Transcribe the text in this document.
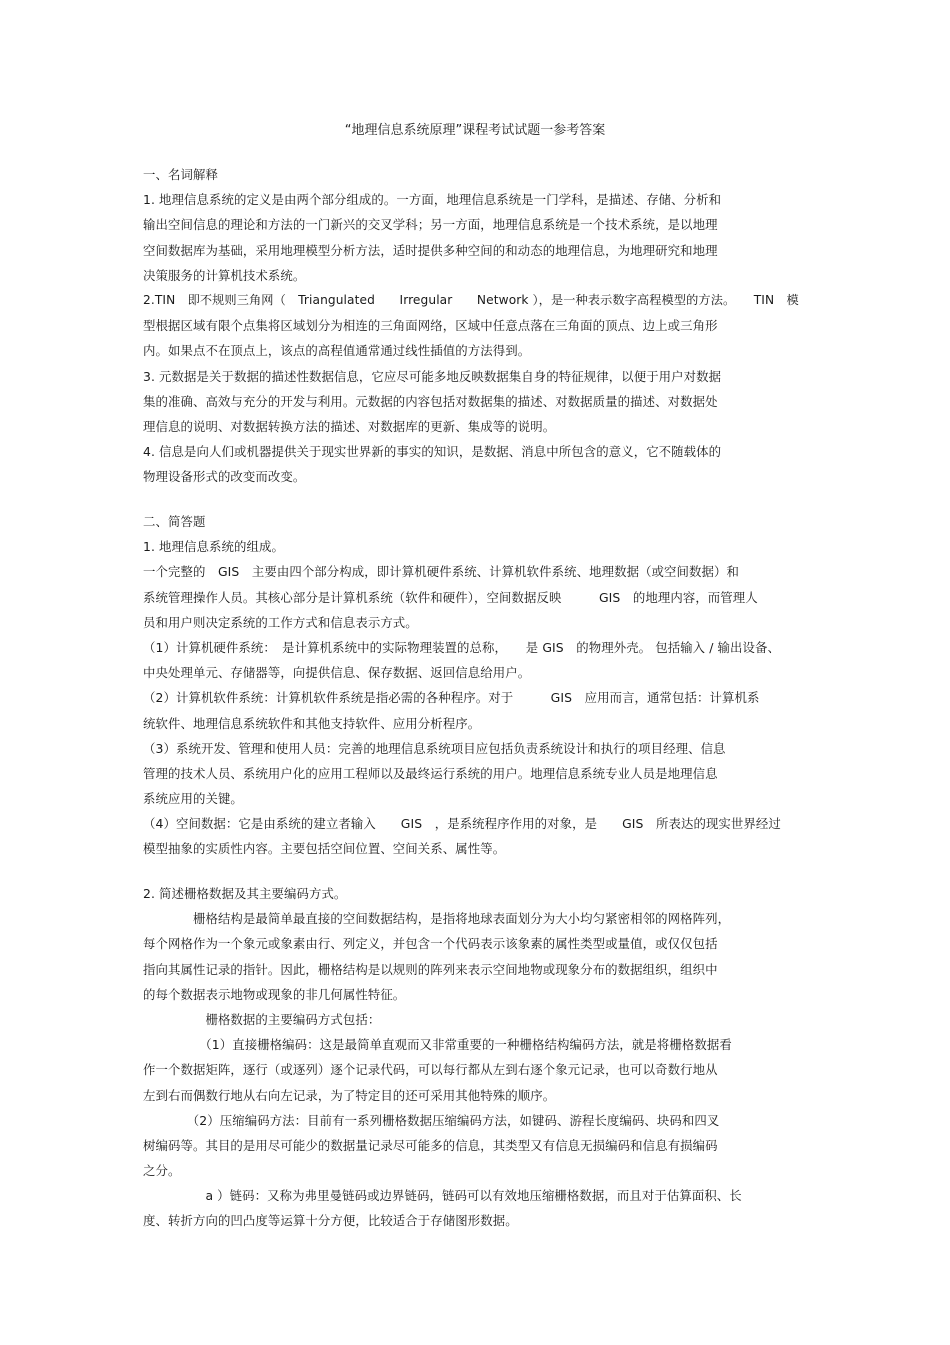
“地理信息系统原理”课程考试试题一参考答案

一、名词解释

1. 地理信息系统的定义是由两个部分组成的。一方面，地理信息系统是一门学科，是描述、存储、分析和

输出空间信息的理论和方法的一门新兴的交叉学科；另一方面，地理信息系统是一个技术系统，是以地理

空间数据库为基础，采用地理模型分析方法，适时提供多种空间的和动态的地理信息，为地理研究和地理

决策服务的计算机技术系统。

2.TIN　即不规则三角网（　Triangulated　　Irregular　　Network ），是一种表示数字高程模型的方法。　　TIN　模

型根据区域有限个点集将区域划分为相连的三角面网络，区域中任意点落在三角面的顶点、边上或三角形

内。如果点不在顶点上，该点的高程值通常通过线性插值的方法得到。

3. 元数据是关于数据的描述性数据信息，它应尽可能多地反映数据集自身的特征规律，以便于用户对数据

集的准确、高效与充分的开发与利用。元数据的内容包括对数据集的描述、对数据质量的描述、对数据处

理信息的说明、对数据转换方法的描述、对数据库的更新、集成等的说明。

4. 信息是向人们或机器提供关于现实世界新的事实的知识，是数据、消息中所包含的意义，它不随载体的

物理设备形式的改变而改变。

二、简答题

1. 地理信息系统的组成。

一个完整的　GIS　主要由四个部分构成，即计算机硬件系统、计算机软件系统、地理数据（或空间数据）和

系统管理操作人员。其核心部分是计算机系统（软件和硬件），空间数据反映　　　GIS　的地理内容，而管理人

员和用户则决定系统的工作方式和信息表示方式。

（1）计算机硬件系统：　是计算机系统中的实际物理装置的总称，　　是 GIS　的物理外壳。 包括输入 / 输出设备、

中央处理单元、存储器等，向提供信息、保存数据、返回信息给用户。

（2）计算机软件系统：计算机软件系统是指必需的各种程序。对于　　　GIS　应用而言，通常包括：计算机系

统软件、地理信息系统软件和其他支持软件、应用分析程序。

（3）系统开发、管理和使用人员：完善的地理信息系统项目应包括负责系统设计和执行的项目经理、信息

管理的技术人员、系统用户化的应用工程师以及最终运行系统的用户。地理信息系统专业人员是地理信息

系统应用的关键。

（4）空间数据：它是由系统的建立者输入　　GIS　，是系统程序作用的对象，是　　GIS　所表达的现实世界经过

模型抽象的实质性内容。主要包括空间位置、空间关系、属性等。

2. 简述栅格数据及其主要编码方式。

　　　　栅格结构是最简单最直接的空间数据结构，是指将地球表面划分为大小均匀紧密相邻的网格阵列，

每个网格作为一个象元或象素由行、列定义，并包含一个代码表示该象素的属性类型或量值，或仅仅包括

指向其属性记录的指针。因此，栅格结构是以规则的阵列来表示空间地物或现象分布的数据组织，组织中

的每个数据表示地物或现象的非几何属性特征。

　　　　　栅格数据的主要编码方式包括：

　　　　　（1）直接栅格编码：这是最简单直观而又非常重要的一种栅格结构编码方法，就是将栅格数据看

作一个数据矩阵，逐行（或逐列）逐个记录代码，可以每行都从左到右逐个象元记录，也可以奇数行地从

左到右而偶数行地从右向左记录，为了特定目的还可采用其他特殊的顺序。

　　　　（2）压缩编码方法：目前有一系列栅格数据压缩编码方法，如键码、游程长度编码、块码和四叉

树编码等。其目的是用尽可能少的数据量记录尽可能多的信息，其类型又有信息无损编码和信息有损编码

之分。

　　　　　a ）链码：又称为弗里曼链码或边界链码，链码可以有效地压缩栅格数据，而且对于估算面积、长

度、转折方向的凹凸度等运算十分方便，比较适合于存储图形数据。
